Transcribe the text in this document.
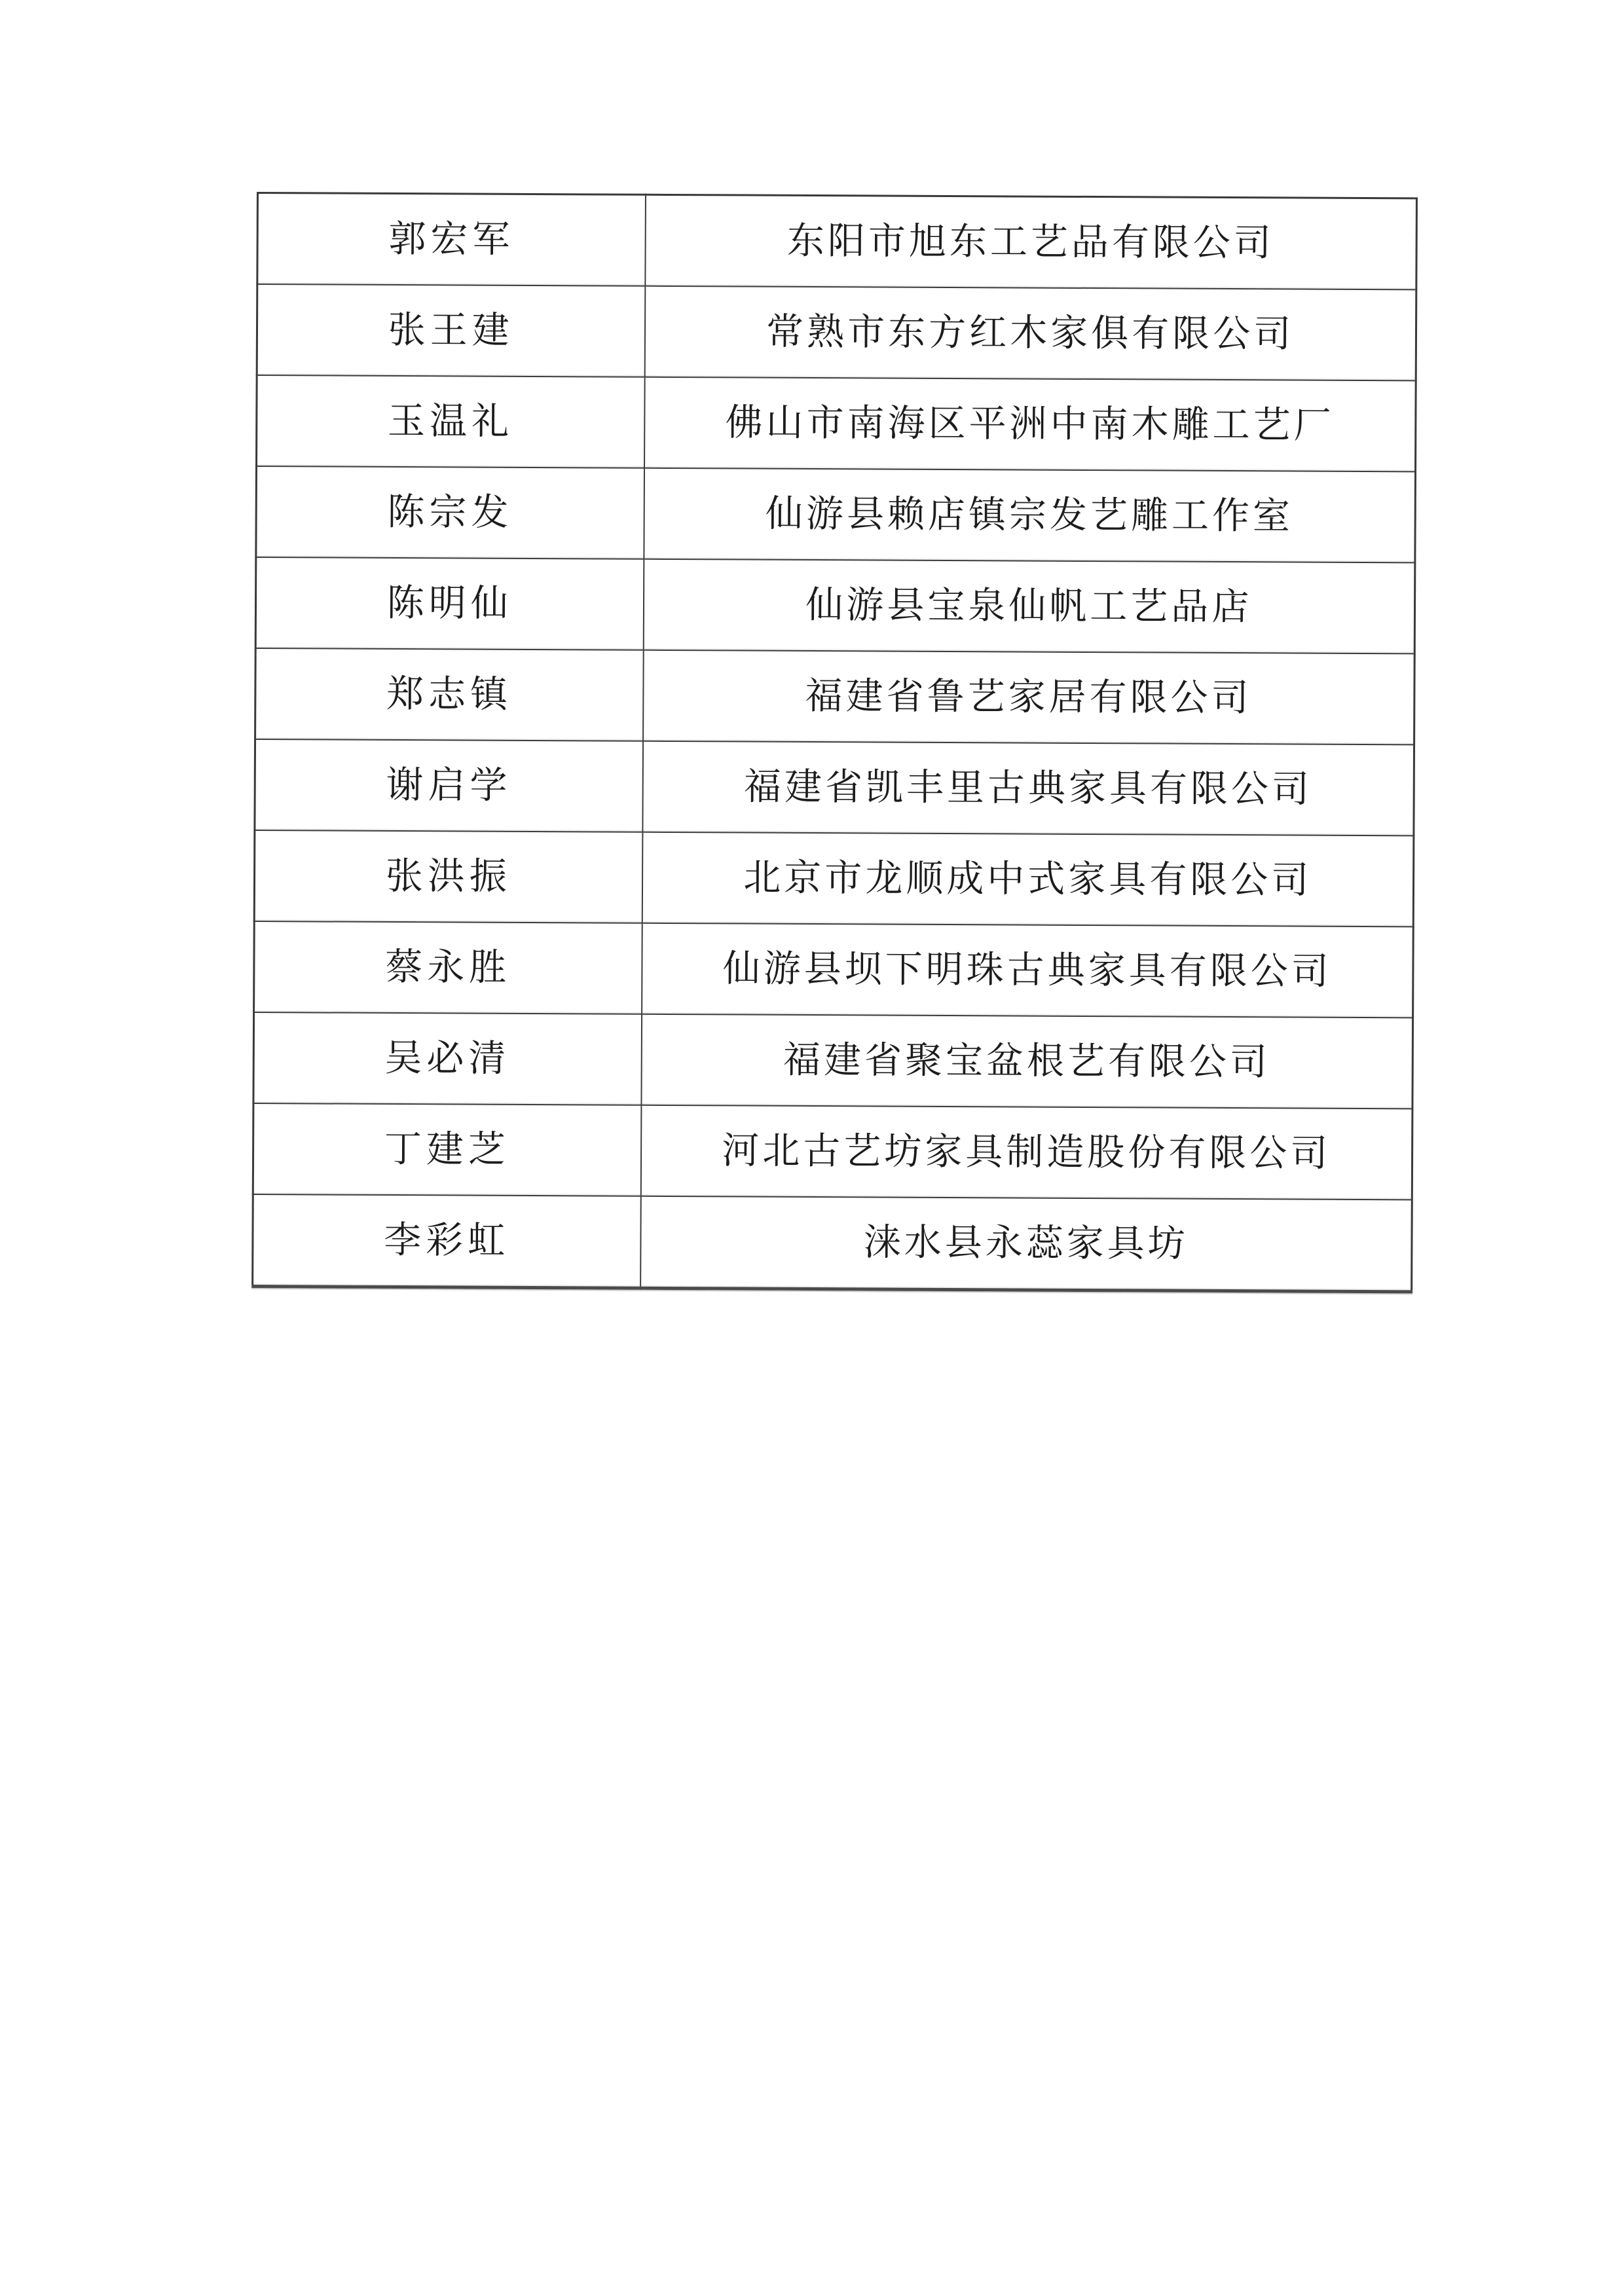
郭宏军	东阳市旭东工艺品有限公司
张王建	常熟市东方红木家俱有限公司
玉温礼	佛山市南海区平洲中南木雕工艺厂
陈宗发	仙游县赖店镇宗发艺雕工作室
陈明仙	仙游县宝泉仙帆工艺品店
郑志镇	福建省鲁艺家居有限公司
谢启学	福建省凯丰里古典家具有限公司
张洪振	北京市龙顺成中式家具有限公司
蔡永胜	仙游县坝下明珠古典家具有限公司
吴必清	福建省聚宝盆根艺有限公司
丁建芝	河北古艺坊家具制造股份有限公司
李彩虹	涞水县永蕊家具坊
